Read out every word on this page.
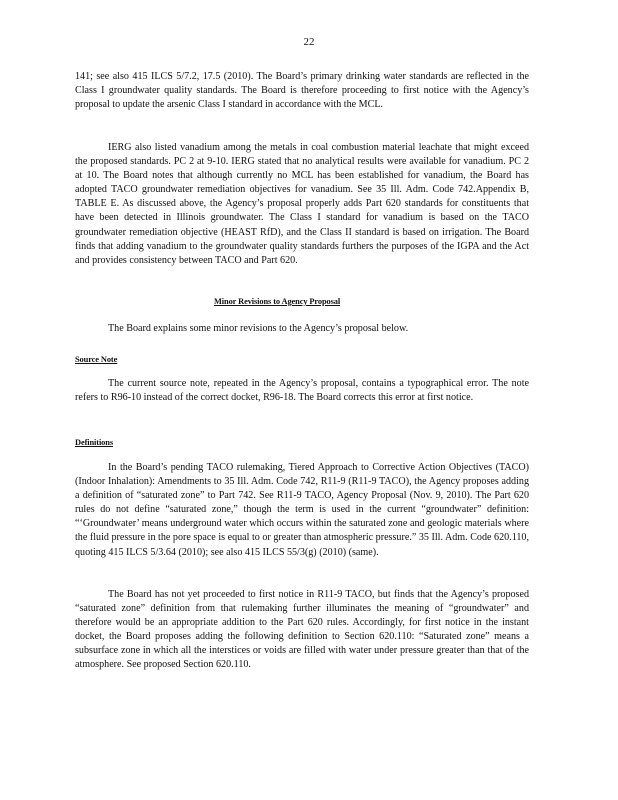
22

141; see also 415 ILCS 5/7.2, 17.5 (2010). The Board’s primary drinking water standards are reflected in the Class I groundwater quality standards. The Board is therefore proceeding to first notice with the Agency’s proposal to update the arsenic Class I standard in accordance with the MCL.

IERG also listed vanadium among the metals in coal combustion material leachate that might exceed the proposed standards. PC 2 at 9-10. IERG stated that no analytical results were available for vanadium. PC 2 at 10. The Board notes that although currently no MCL has been established for vanadium, the Board has adopted TACO groundwater remediation objectives for vanadium. See 35 Ill. Adm. Code 742.Appendix B, TABLE E. As discussed above, the Agency’s proposal properly adds Part 620 standards for constituents that have been detected in Illinois groundwater. The Class I standard for vanadium is based on the TACO groundwater remediation objective (HEAST RfD), and the Class II standard is based on irrigation. The Board finds that adding vanadium to the groundwater quality standards furthers the purposes of the IGPA and the Act and provides consistency between TACO and Part 620.

Minor Revisions to Agency Proposal

The Board explains some minor revisions to the Agency’s proposal below.

Source Note

The current source note, repeated in the Agency’s proposal, contains a typographical error. The note refers to R96-10 instead of the correct docket, R96-18. The Board corrects this error at first notice.

Definitions

In the Board’s pending TACO rulemaking, Tiered Approach to Corrective Action Objectives (TACO) (Indoor Inhalation): Amendments to 35 Ill. Adm. Code 742, R11-9 (R11-9 TACO), the Agency proposes adding a definition of “saturated zone” to Part 742. See R11-9 TACO, Agency Proposal (Nov. 9, 2010). The Part 620 rules do not define “saturated zone,” though the term is used in the current “groundwater” definition: “‘Groundwater’ means underground water which occurs within the saturated zone and geologic materials where the fluid pressure in the pore space is equal to or greater than atmospheric pressure.” 35 Ill. Adm. Code 620.110, quoting 415 ILCS 5/3.64 (2010); see also 415 ILCS 55/3(g) (2010) (same).

The Board has not yet proceeded to first notice in R11-9 TACO, but finds that the Agency’s proposed “saturated zone” definition from that rulemaking further illuminates the meaning of “groundwater” and therefore would be an appropriate addition to the Part 620 rules. Accordingly, for first notice in the instant docket, the Board proposes adding the following definition to Section 620.110: “Saturated zone” means a subsurface zone in which all the interstices or voids are filled with water under pressure greater than that of the atmosphere. See proposed Section 620.110.
